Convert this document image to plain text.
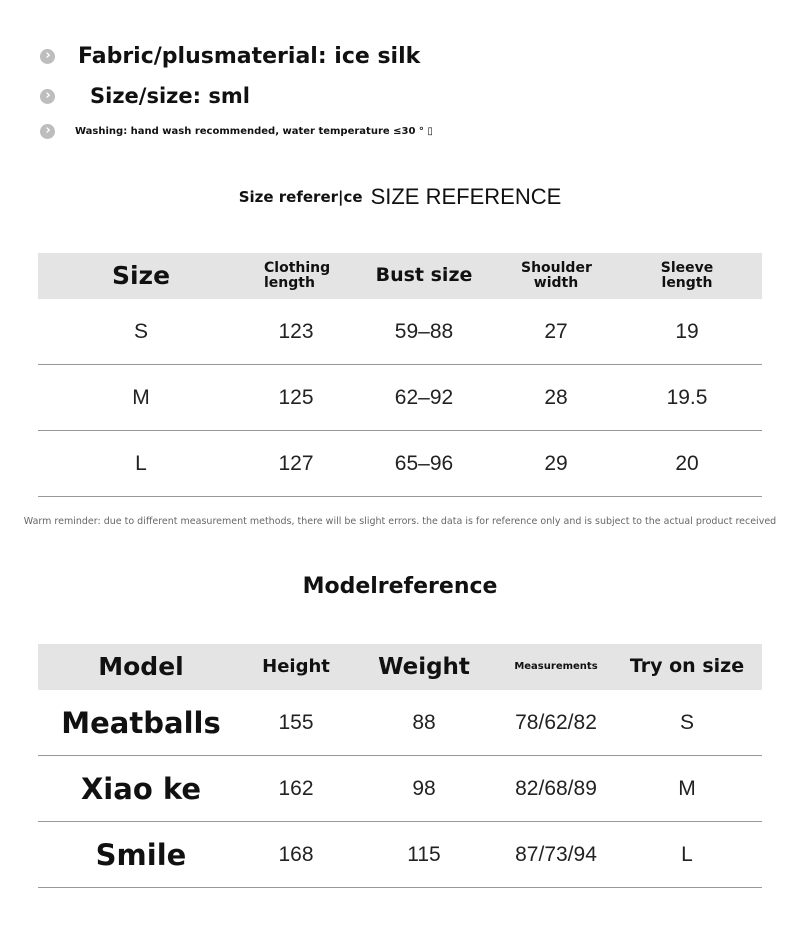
›
Fabric/plusmaterial: ice silk
›
Size/size: sml
›
Washing: hand wash recommended, water temperature ≤30 ° ▯
Size referer|ce SIZE REFERENCE
Size	Clothing length	Bust size	Shoulder width	Sleeve length
S	123	59–88	27	19
M	125	62–92	28	19.5
L	127	65–96	29	20
Warm reminder: due to different measurement methods, there will be slight errors. the data is for reference only and is subject to the actual product received
Modelreference
Model	Height	Weight	Measurements	Try on size
Meatballs	155	88	78/62/82	S
Xiao ke	162	98	82/68/89	M
Smile	168	115	87/73/94	L
